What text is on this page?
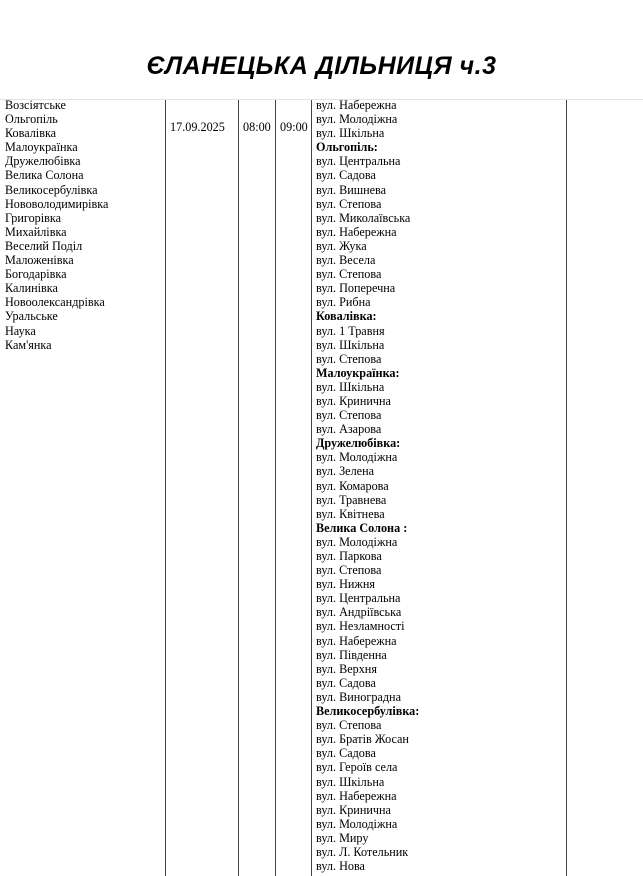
ЄЛАНЕЦЬКА ДІЛЬНИЦЯ ч.3
Возсіятське
Ольгопіль
Ковалівка
Малоукраїнка
Дружелюбівка
Велика Солона
Великосербулівка
Нововолодимирівка
Григорівка
Михайлівка
Веселий Поділ
Маложенівка
Богодарівка
Калинівка
Новоолександрівка
Уральське
Наука
Кам'янка
17.09.2025 08:00 09:00
вул. Набережна
вул. Молодіжна
вул. Шкільна
Ольгопіль:
вул. Центральна
вул. Садова
вул. Вишнева
вул. Степова
вул. Миколаївська
вул. Набережна
вул. Жука
вул. Весела
вул. Степова
вул. Поперечна
вул. Рибна
Ковалівка:
вул. 1 Травня
вул. Шкільна
вул. Степова
Малоукраїнка:
вул. Шкільна
вул. Кринична
вул. Степова
вул. Азарова
Дружелюбівка:
вул. Молодіжна
вул. Зелена
вул. Комарова
вул. Травнева
вул. Квітнева
Велика Солона :
вул. Молодіжна
вул. Паркова
вул. Степова
вул. Нижня
вул. Центральна
вул. Андріївська
вул. Незламності
вул. Набережна
вул. Південна
вул. Верхня
вул. Садова
вул. Виноградна
Великосербулівка:
вул. Степова
вул. Братів Жосан
вул. Садова
вул. Героїв села
вул. Шкільна
вул. Набережна
вул. Кринична
вул. Молодіжна
вул. Миру
вул. Л. Котельник
вул. Нова
